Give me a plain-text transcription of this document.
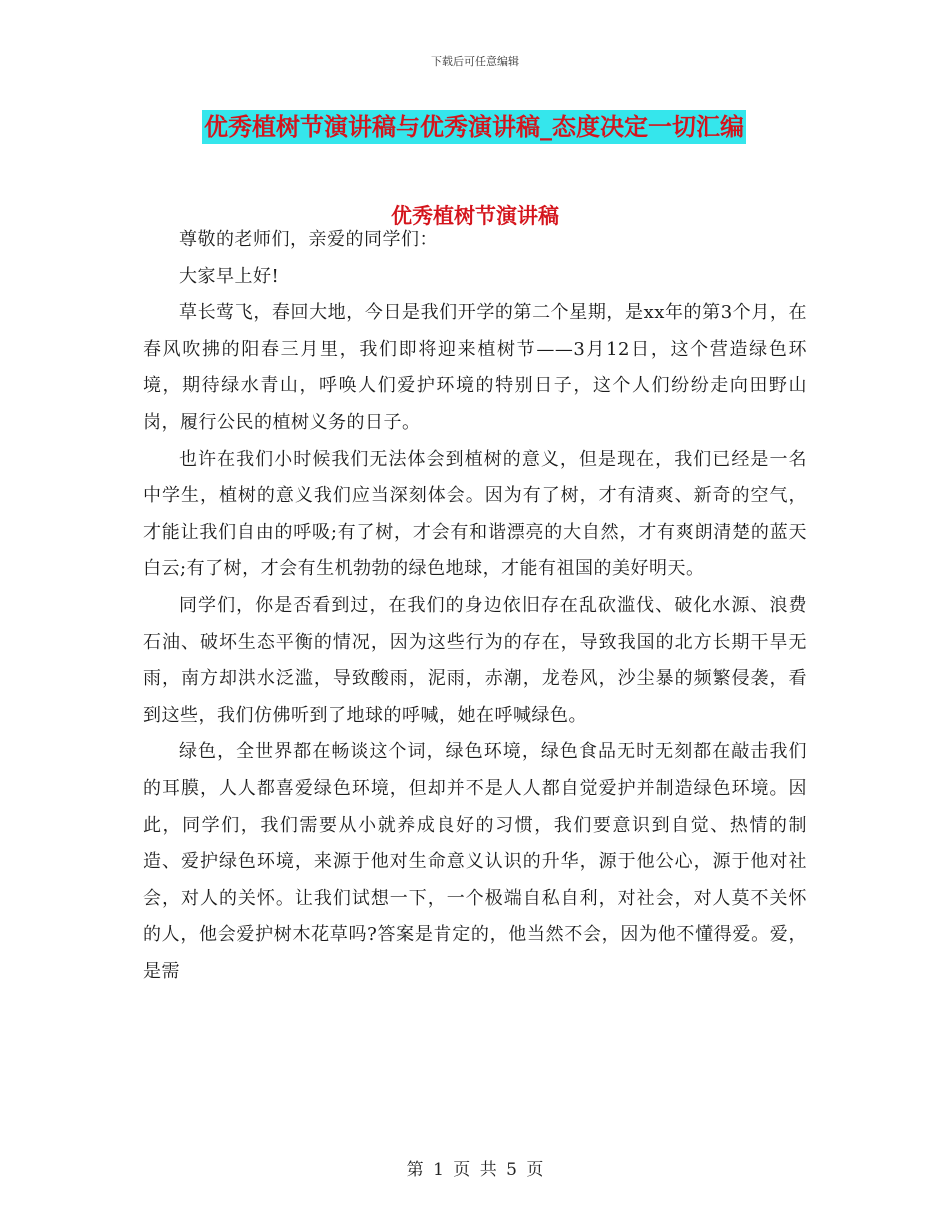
下载后可任意编辑
优秀植树节演讲稿与优秀演讲稿_态度决定一切汇编
优秀植树节演讲稿

尊敬的老师们，亲爱的同学们：

大家早上好!

草长莺飞，春回大地，今日是我们开学的第二个星期，是xx年的第3个月，在春风吹拂的阳春三月里，我们即将迎来植树节——3月12日，这个营造绿色环境，期待绿水青山，呼唤人们爱护环境的特别日子，这个人们纷纷走向田野山岗，履行公民的植树义务的日子。

也许在我们小时候我们无法体会到植树的意义，但是现在，我们已经是一名中学生，植树的意义我们应当深刻体会。因为有了树，才有清爽、新奇的空气，才能让我们自由的呼吸;有了树，才会有和谐漂亮的大自然，才有爽朗清楚的蓝天白云;有了树，才会有生机勃勃的绿色地球，才能有祖国的美好明天。

同学们，你是否看到过，在我们的身边依旧存在乱砍滥伐、破化水源、浪费石油、破坏生态平衡的情况，因为这些行为的存在，导致我国的北方长期干旱无雨，南方却洪水泛滥，导致酸雨，泥雨，赤潮，龙卷风，沙尘暴的频繁侵袭，看到这些，我们仿佛听到了地球的呼喊，她在呼喊绿色。

绿色，全世界都在畅谈这个词，绿色环境，绿色食品无时无刻都在敲击我们的耳膜，人人都喜爱绿色环境，但却并不是人人都自觉爱护并制造绿色环境。因此，同学们，我们需要从小就养成良好的习惯，我们要意识到自觉、热情的制造、爱护绿色环境，来源于他对生命意义认识的升华，源于他公心，源于他对社会，对人的关怀。让我们试想一下，一个极端自私自利，对社会，对人莫不关怀的人，他会爱护树木花草吗?答案是肯定的，他当然不会，因为他不懂得爱。爱，是需

第 1 页 共 5 页
